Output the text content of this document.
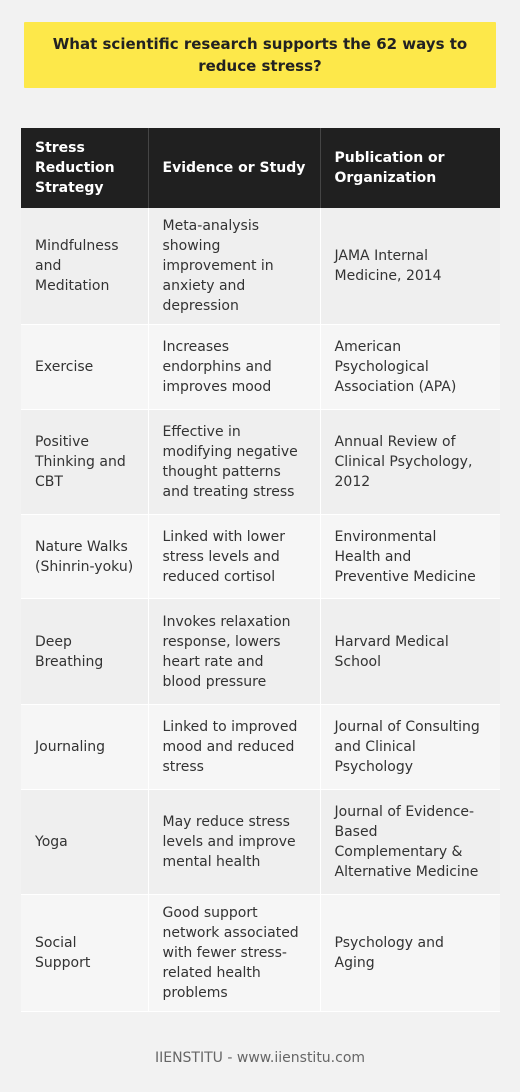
What scientific research supports the 62 ways to reduce stress?
Stress Reduction Strategy	Evidence or Study	Publication or Organization
Mindfulness and Meditation	Meta-analysis showing improvement in anxiety and depression	JAMA Internal Medicine, 2014
Exercise	Increases endorphins and improves mood	American Psychological Association (APA)
Positive Thinking and CBT	Effective in modifying negative thought patterns and treating stress	Annual Review of Clinical Psychology, 2012
Nature Walks (Shinrin-yoku)	Linked with lower stress levels and reduced cortisol	Environmental Health and Preventive Medicine
Deep Breathing	Invokes relaxation response, lowers heart rate and blood pressure	Harvard Medical School
Journaling	Linked to improved mood and reduced stress	Journal of Consulting and Clinical Psychology
Yoga	May reduce stress levels and improve mental health	Journal of Evidence-Based Complementary & Alternative Medicine
Social Support	Good support network associated with fewer stress-related health problems	Psychology and Aging
IIENSTITU - www.iienstitu.com
